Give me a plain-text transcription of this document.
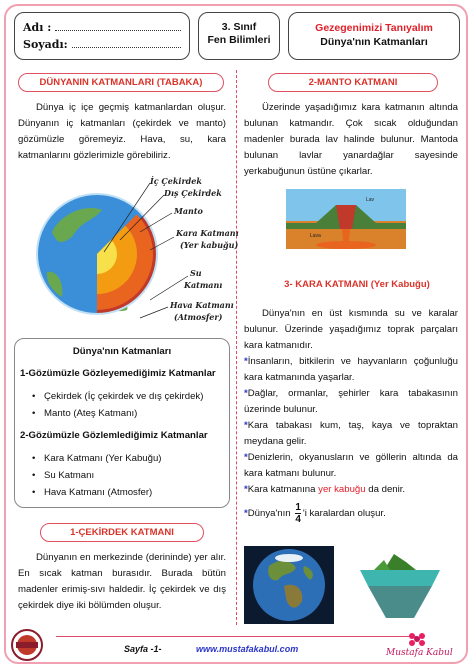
Adı :
Soyadı:
3. Sınıf
Fen Bilimleri
Gezegenimizi Tanıyalım
Dünya'nın Katmanları
DÜNYANIN KATMANLARI (TABAKA)

Dünya iç içe geçmiş katmanlardan oluşur. Dünyanın iç katmanları (çekirdek ve manto) gözümüzle göremeyiz. Hava, su, kara katmanlarını gözlerimizle görebiliriz.

İç Çekirdek
Dış Çekirdek
Manto
Kara Katmanı
(Yer kabuğu)
Su
Katmanı
Hava Katmanı
(Atmosfer)
Dünya'nın Katmanları
1-Gözümüzle Gözleyemediğimiz Katmanlar
• Çekirdek (İç çekirdek ve dış çekirdek)
• Manto (Ateş Katmanı)
2-Gözümüzle Gözlemlediğimiz Katmanlar
• Kara Katmanı (Yer Kabuğu)
• Su Katmanı
• Hava Katmanı (Atmosfer)
1-ÇEKİRDEK KATMANI

Dünyanın en merkezinde (derininde) yer alır. En sıcak katman burasıdır. Burada bütün madenler erimiş-sıvı haldedir. İç çekirdek ve dış çekirdek diye iki bölümden oluşur.

2-MANTO KATMANI

Üzerinde yaşadığımız kara katmanın altında bulunan katmandır. Çok sıcak olduğundan madenler burada lav halinde bulunur. Mantoda bulunan lavlar yanardağlar sayesinde yerkabuğunun üstüne çıkarlar.

Lav
Lava
3- KARA KATMANI (Yer Kabuğu)

Dünya'nın en üst kısmında su ve karalar bulunur. Üzerinde yaşadığımız toprak parçaları kara katmanıdır.

*İnsanların, bitkilerin ve hayvanların çoğunluğu kara katmanında yaşarlar.

*Dağlar, ormanlar, şehirler kara tabakasının üzerinde bulunur.

*Kara tabakası kum, taş, kaya ve topraktan meydana gelir.

*Denizlerin, okyanusların ve göllerin altında da kara katmanı bulunur.

*Kara katmanına yer kabuğu da denir.

*Dünya'nın $\frac{1}{4}$ 'i karalardan oluşur.

Sayfa -1-	www.mustafakabul.com	Mustafa Kabul
